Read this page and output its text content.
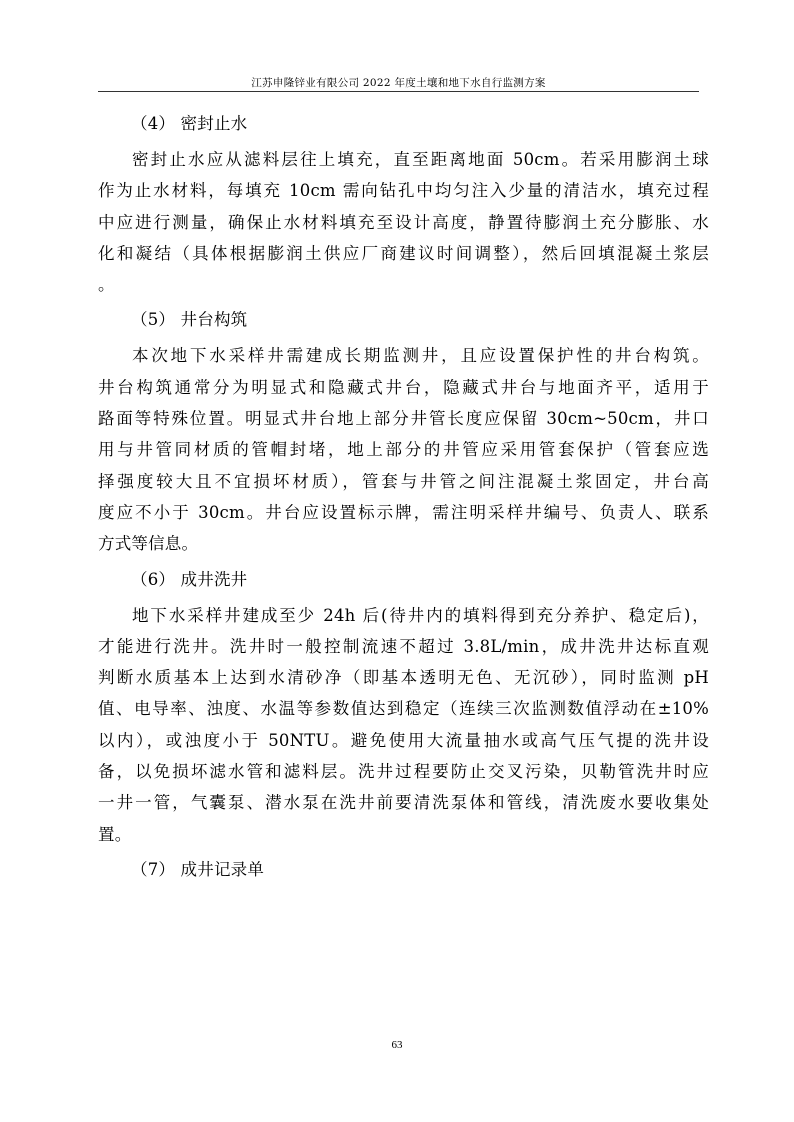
江苏申隆锌业有限公司 2022 年度土壤和地下水自行监测方案
（4） 密封止水
密封止水应从滤料层往上填充，直至距离地面 50cm。若采用膨润土球
作为止水材料，每填充 10cm 需向钻孔中均匀注入少量的清洁水，填充过程
中应进行测量，确保止水材料填充至设计高度，静置待膨润土充分膨胀、水
化和凝结（具体根据膨润土供应厂商建议时间调整），然后回填混凝土浆层
。
（5） 井台构筑
本次地下水采样井需建成长期监测井，且应设置保护性的井台构筑。
井台构筑通常分为明显式和隐藏式井台，隐藏式井台与地面齐平，适用于
路面等特殊位置。明显式井台地上部分井管长度应保留 30cm~50cm，井口
用与井管同材质的管帽封堵，地上部分的井管应采用管套保护（管套应选
择强度较大且不宜损坏材质），管套与井管之间注混凝土浆固定，井台高
度应不小于 30cm。井台应设置标示牌，需注明采样井编号、负责人、联系
方式等信息。
（6） 成井洗井
地下水采样井建成至少 24h 后(待井内的填料得到充分养护、稳定后)，
才能进行洗井。洗井时一般控制流速不超过 3.8L/min，成井洗井达标直观
判断水质基本上达到水清砂净（即基本透明无色、无沉砂），同时监测 pH
值、电导率、浊度、水温等参数值达到稳定（连续三次监测数值浮动在±10%
以内），或浊度小于 50NTU。避免使用大流量抽水或高气压气提的洗井设
备，以免损坏滤水管和滤料层。洗井过程要防止交叉污染，贝勒管洗井时应
一井一管，气囊泵、潜水泵在洗井前要清洗泵体和管线，清洗废水要收集处
置。
（7） 成井记录单
63
